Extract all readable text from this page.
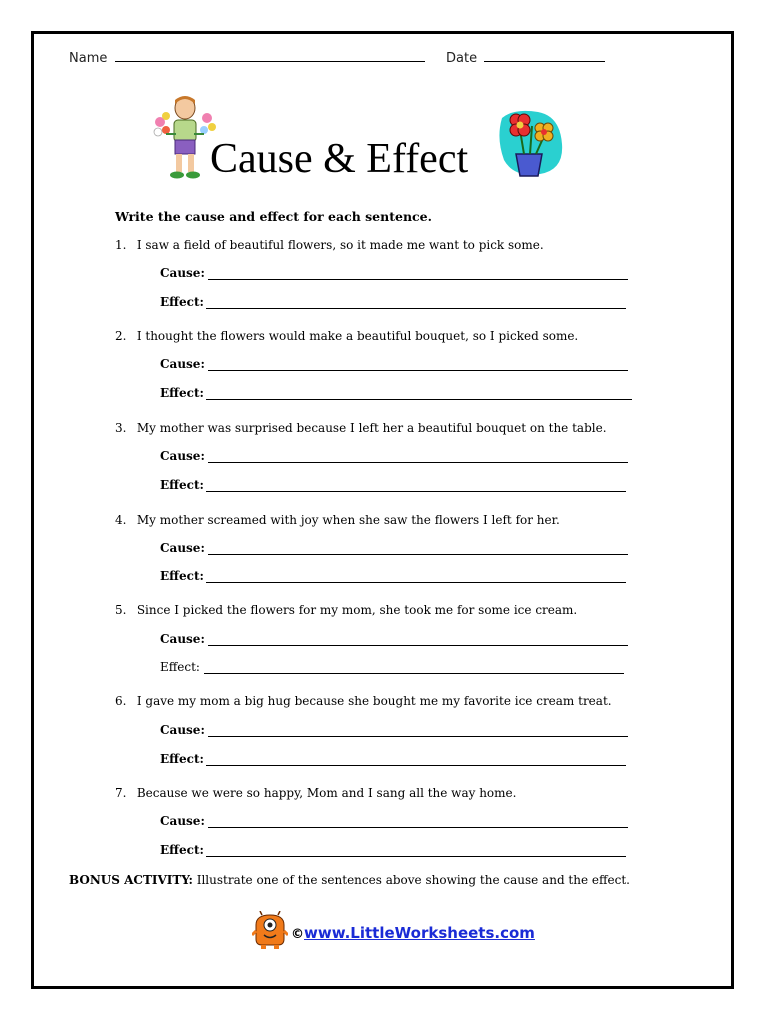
Name	Date
Cause & Effect
Write the cause and effect for each sentence.
1. I saw a field of beautiful flowers, so it made me want to pick some.
Cause:
Effect:
2. I thought the flowers would make a beautiful bouquet, so I picked some.
Cause:
Effect:
3. My mother was surprised because I left her a beautiful bouquet on the table.
Cause:
Effect:
4. My mother screamed with joy when she saw the flowers I left for her.
Cause:
Effect:
5. Since I picked the flowers for my mom, she took me for some ice cream.
Cause:
Effect:
6. I gave my mom a big hug because she bought me my favorite ice cream treat.
Cause:
Effect:
7. Because we were so happy, Mom and I sang all the way home.
Cause:
Effect:
BONUS ACTIVITY: Illustrate one of the sentences above showing the cause and the effect.
© www.LittleWorksheets.com
